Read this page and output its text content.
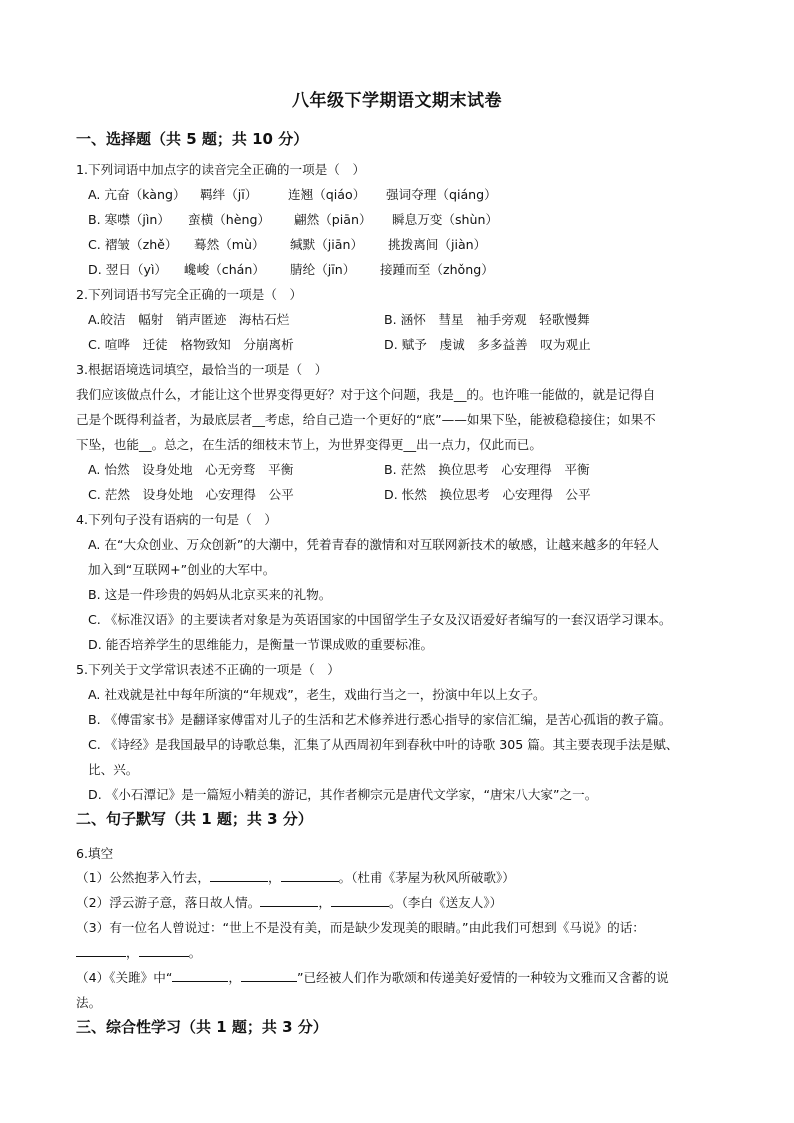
八年级下学期语文期末试卷
一、选择题（共 5 题；共 10 分）
1.下列词语中加点字的读音完全正确的一项是（　）
A. 亢奋（kàng） 羁绊（jī） 连翘（qiáo） 强词夺理（qiáng）
B. 寒噤（jìn） 蛮横（hèng） 翩然（piān） 瞬息万变（shùn）
C. 褶皱（zhě） 蓦然（mù） 缄默（jiān） 挑拨离间（jiàn）
D. 翌日（yì） 巉峻（chán） 腈纶（jīn） 接踵而至（zhǒng）
2.下列词语书写完全正确的一项是（　）
A.皎洁　幅射　销声匿迹　海枯石烂	B. 涵怀　彗星　袖手旁观　轻歌慢舞
C. 喧哗　迁徒　格物致知　分崩离析	D. 赋予　虔诚　多多益善　叹为观止
3.根据语境选词填空，最恰当的一项是（　）
我们应该做点什么，才能让这个世界变得更好？对于这个问题，我是__的。也许唯一能做的，就是记得自
己是个既得利益者，为最底层者__考虑，给自己造一个更好的“底”——如果下坠，能被稳稳接住；如果不
下坠，也能__。总之，在生活的细枝末节上，为世界变得更__出一点力，仅此而已。
A. 怡然　设身处地　心无旁骛　平衡	B. 茫然　换位思考　心安理得　平衡
C. 茫然　设身处地　心安理得　公平	D. 怅然　换位思考　心安理得　公平
4.下列句子没有语病的一句是（　）
A. 在“大众创业、万众创新”的大潮中，凭着青春的激情和对互联网新技术的敏感，让越来越多的年轻人
加入到“互联网+”创业的大军中。
B. 这是一件珍贵的妈妈从北京买来的礼物。
C. 《标准汉语》的主要读者对象是为英语国家的中国留学生子女及汉语爱好者编写的一套汉语学习课本。
D. 能否培养学生的思维能力，是衡量一节课成败的重要标准。
5.下列关于文学常识表述不正确的一项是（　）
A. 社戏就是社中每年所演的“年规戏”，老生，戏曲行当之一，扮演中年以上女子。
B. 《傅雷家书》是翻译家傅雷对儿子的生活和艺术修养进行悉心指导的家信汇编，是苦心孤诣的教子篇。
C. 《诗经》是我国最早的诗歌总集，汇集了从西周初年到春秋中叶的诗歌 305 篇。其主要表现手法是赋、
比、兴。
D. 《小石潭记》是一篇短小精美的游记，其作者柳宗元是唐代文学家，“唐宋八大家”之一。
二、句子默写（共 1 题；共 3 分）
6.填空
（1）公然抱茅入竹去，	，	。（杜甫《茅屋为秋风所破歌》）
（2）浮云游子意，落日故人情。	，	。（李白《送友人》）
（3）有一位名人曾说过：“世上不是没有美，而是缺少发现美的眼睛。”由此我们可想到《马说》的话：
，	。
（4）《关雎》中“	，	”已经被人们作为歌颂和传递美好爱情的一种较为文雅而又含蓄的说
法。
三、综合性学习（共 1 题；共 3 分）
